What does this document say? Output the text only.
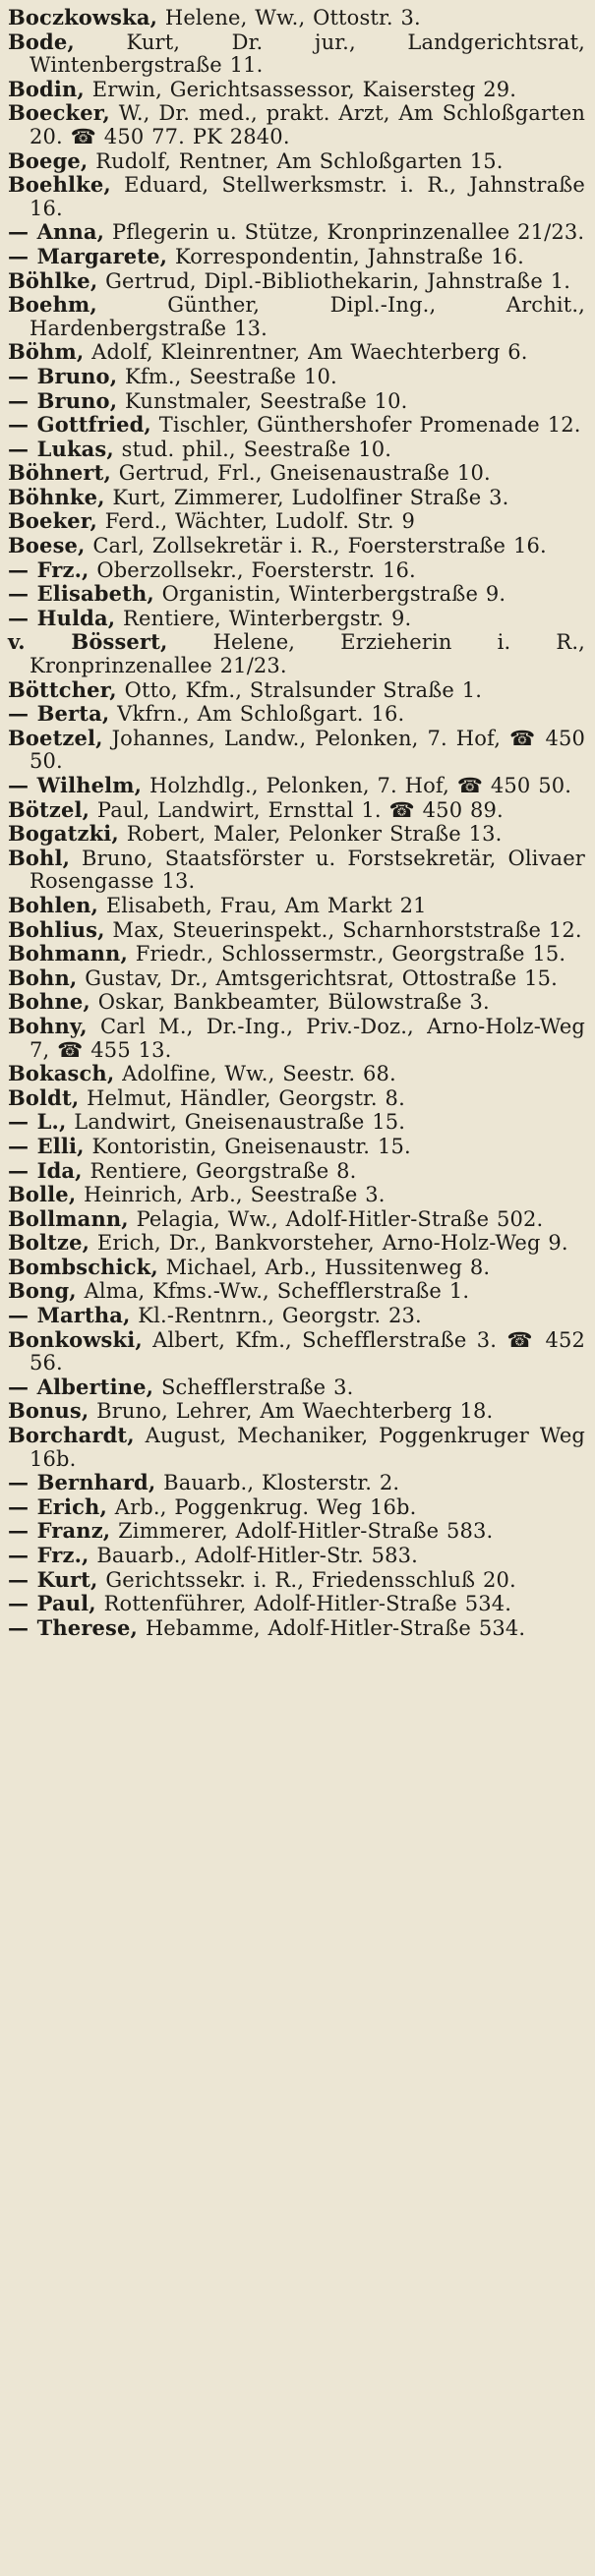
Boczkowska, Helene, Ww., Ottostr. 3.
Bode,	Kurt, Dr. jur., Landgerichtsrat, Wintenbergstraße 11.
Bodin, Erwin, Gerichtsassessor, Kaisersteg 29.
Boecker, W., Dr. med., prakt. Arzt, Am Schloßgarten 20. ☎ 450 77. PK 2840.
Boege, Rudolf, Rentner, Am Schloßgarten 15.
Boehlke, Eduard, Stellwerksmstr. i. R., Jahnstraße 16.
— Anna, Pflegerin u. Stütze, Kronprinzenallee 21/23.
— Margarete, Korrespondentin, Jahnstraße 16.
Böhlke, Gertrud, Dipl.-Bibliothekarin, Jahnstraße 1.
Boehm,	Günther, Dipl.-Ing., Archit., Hardenbergstraße 13.
Böhm, Adolf, Kleinrentner, Am Waechterberg 6.
— Bruno, Kfm., Seestraße 10.
— Bruno, Kunstmaler, Seestraße 10.
— Gottfried, Tischler, Günthershofer Promenade 12.
— Lukas, stud. phil., Seestraße 10.
Böhnert, Gertrud, Frl., Gneisenaustraße 10.
Böhnke, Kurt, Zimmerer, Ludolfiner Straße 3.
Boeker, Ferd., Wächter, Ludolf. Str. 9
Boese, Carl, Zollsekretär i. R., Foersterstraße 16.
— Frz., Oberzollsekr., Foersterstr. 16.
— Elisabeth, Organistin, Winterbergstraße 9.
— Hulda, Rentiere, Winterbergstr. 9.
v. Bössert, Helene, Erzieherin i. R., Kronprinzenallee 21/23.
Böttcher, Otto, Kfm., Stralsunder Straße 1.
— Berta, Vkfrn., Am Schloßgart. 16.
Boetzel, Johannes, Landw., Pelonken, 7. Hof, ☎ 450 50.
— Wilhelm, Holzhdlg., Pelonken, 7. Hof, ☎ 450 50.
Bötzel, Paul, Landwirt, Ernsttal 1. ☎ 450 89.
Bogatzki, Robert, Maler, Pelonker Straße 13.
Bohl, Bruno, Staatsförster u. Forstsekretär, Olivaer Rosengasse 13.
Bohlen, Elisabeth, Frau, Am Markt 21
Bohlius, Max, Steuerinspekt., Scharnhorststraße 12.
Bohmann, Friedr., Schlossermstr., Georgstraße 15.
Bohn, Gustav, Dr., Amtsgerichtsrat, Ottostraße 15.
Bohne, Oskar, Bankbeamter, Bülowstraße 3.
Bohny, Carl M., Dr.-Ing., Priv.-Doz., Arno-Holz-Weg 7, ☎ 455 13.
Bokasch, Adolfine, Ww., Seestr. 68.
Boldt, Helmut, Händler, Georgstr. 8.
— L., Landwirt, Gneisenaustraße 15.
— Elli, Kontoristin, Gneisenaustr. 15.
— Ida, Rentiere, Georgstraße 8.
Bolle, Heinrich, Arb., Seestraße 3.
Bollmann, Pelagia, Ww., Adolf-Hitler-Straße 502.
Boltze, Erich, Dr., Bankvorsteher, Arno-Holz-Weg 9.
Bombschick, Michael, Arb., Hussitenweg 8.
Bong, Alma, Kfms.-Ww., Schefflerstraße 1.
— Martha, Kl.-Rentnrn., Georgstr. 23.
Bonkowski, Albert, Kfm., Schefflerstraße 3. ☎ 452 56.
— Albertine, Schefflerstraße 3.
Bonus, Bruno, Lehrer, Am Waechterberg 18.
Borchardt, August, Mechaniker, Poggenkruger Weg 16b.
— Bernhard, Bauarb., Klosterstr. 2.
— Erich, Arb., Poggenkrug. Weg 16b.
— Franz, Zimmerer, Adolf-Hitler-Straße 583.
— Frz., Bauarb., Adolf-Hitler-Str. 583.
— Kurt, Gerichtssekr. i. R., Friedensschluß 20.
— Paul, Rottenführer, Adolf-Hitler-Straße 534.
— Therese, Hebamme, Adolf-Hitler-Straße 534.
